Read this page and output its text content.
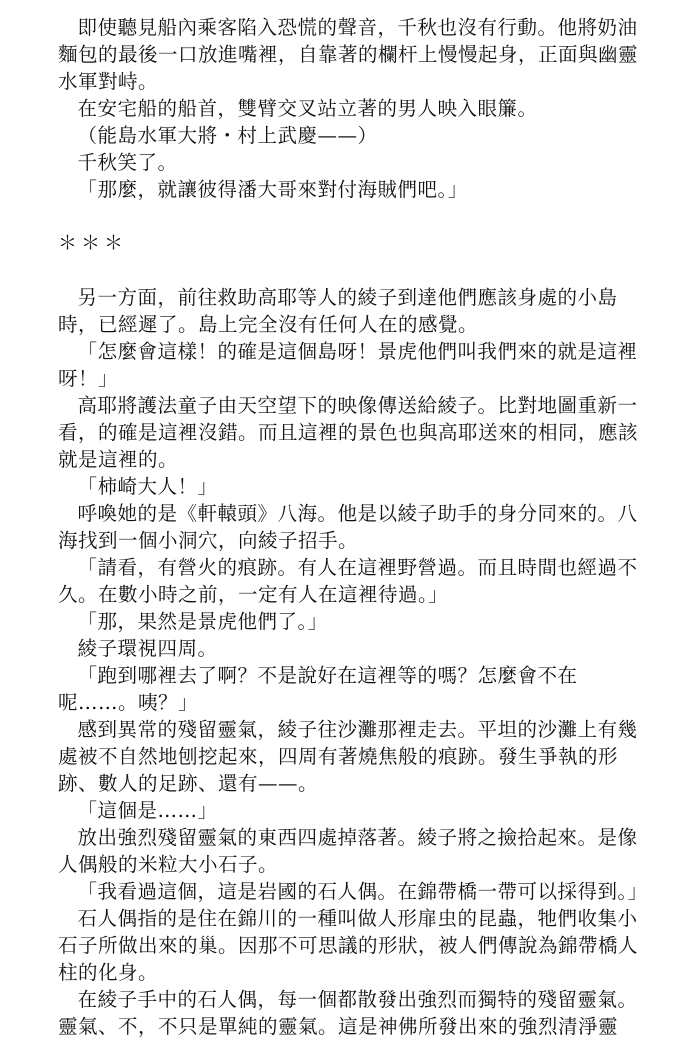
即使聽見船內乘客陷入恐慌的聲音，千秋也沒有行動。他將奶油麵包的最後一口放進嘴裡，自靠著的欄杆上慢慢起身，正面與幽靈水軍對峙。

在安宅船的船首，雙臂交叉站立著的男人映入眼簾。

（能島水軍大將・村上武慶——）

千秋笑了。

「那麼，就讓彼得潘大哥來對付海賊們吧。」

＊＊＊

另一方面，前往救助高耶等人的綾子到達他們應該身處的小島時，已經遲了。島上完全沒有任何人在的感覺。

「怎麼會這樣！的確是這個島呀！景虎他們叫我們來的就是這裡呀！」

高耶將護法童子由天空望下的映像傳送給綾子。比對地圖重新一看，的確是這裡沒錯。而且這裡的景色也與高耶送來的相同，應該就是這裡的。

「柿崎大人！」

呼喚她的是《軒轅頭》八海。他是以綾子助手的身分同來的。八海找到一個小洞穴，向綾子招手。

「請看，有營火的痕跡。有人在這裡野營過。而且時間也經過不久。在數小時之前，一定有人在這裡待過。」

「那，果然是景虎他們了。」

綾子環視四周。

「跑到哪裡去了啊？不是說好在這裡等的嗎？怎麼會不在呢……。咦？」

感到異常的殘留靈氣，綾子往沙灘那裡走去。平坦的沙灘上有幾處被不自然地刨挖起來，四周有著燒焦般的痕跡。發生爭執的形跡、數人的足跡、還有——。

「這個是……」

放出強烈殘留靈氣的東西四處掉落著。綾子將之撿拾起來。是像人偶般的米粒大小石子。

「我看過這個，這是岩國的石人偶。在錦帶橋一帶可以採得到。」

石人偶指的是住在錦川的一種叫做人形扉虫的昆蟲，牠們收集小石子所做出來的巢。因那不可思議的形狀，被人們傳說為錦帶橋人柱的化身。

在綾子手中的石人偶，每一個都散發出強烈而獨特的殘留靈氣。靈氣、不，不只是單純的靈氣。這是神佛所發出來的強烈清淨靈
